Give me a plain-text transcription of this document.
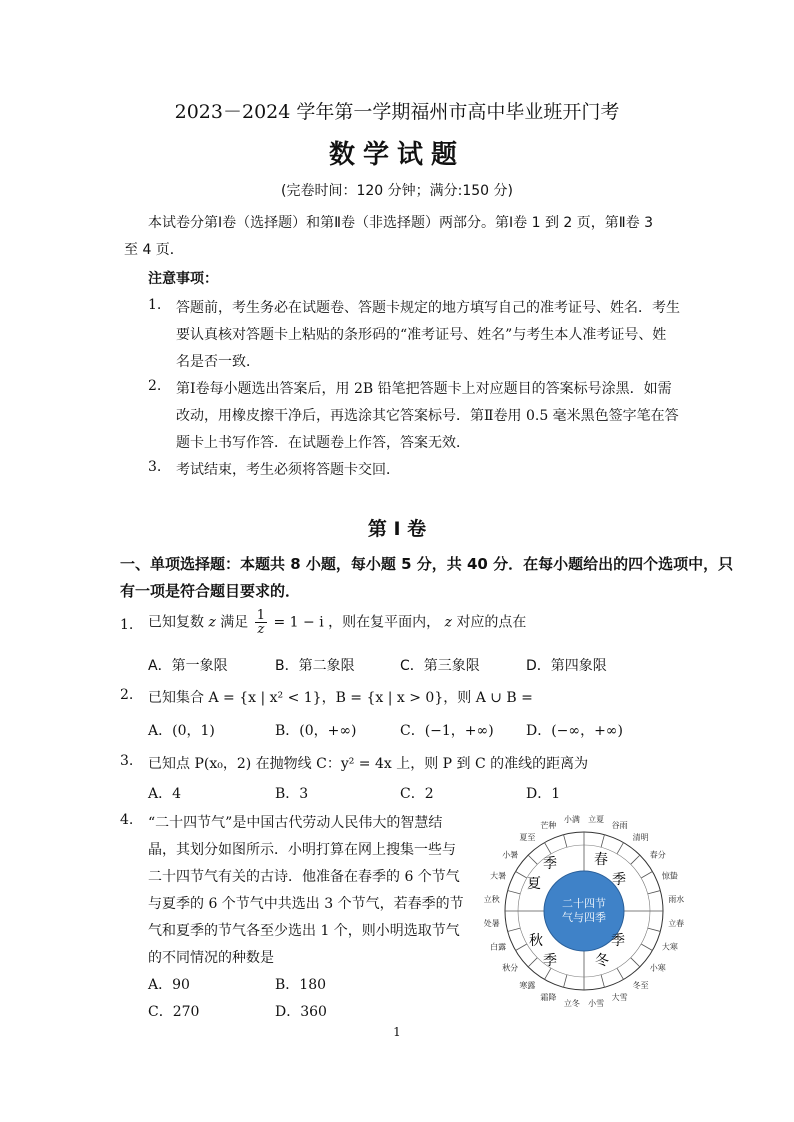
2023－2024 学年第一学期福州市高中毕业班开门考
数学试题
(完卷时间：120 分钟；满分:150 分)
本试卷分第Ⅰ卷（选择题）和第Ⅱ卷（非选择题）两部分。第Ⅰ卷 1 到 2 页，第Ⅱ卷 3
至 4 页．
注意事项：
1. 答题前，考生务必在试题卷、答题卡规定的地方填写自己的准考证号、姓名．考生
要认真核对答题卡上粘贴的条形码的“准考证号、姓名”与考生本人准考证号、姓
名是否一致．
2. 第Ⅰ卷每小题选出答案后，用 2B 铅笔把答题卡上对应题目的答案标号涂黑．如需
改动，用橡皮擦干净后，再选涂其它答案标号．第Ⅱ卷用 0.5 毫米黑色签字笔在答
题卡上书写作答．在试题卷上作答，答案无效．
3. 考试结束，考生必须将答题卡交回．
第 Ⅰ 卷
一、单项选择题：本题共 8 小题，每小题 5 分，共 40 分．在每小题给出的四个选项中，只
有一项是符合题目要求的．
1. 已知复数 z 满足 $\frac{1}{z} = 1 - i$ ，则在复平面内， z 对应的点在
A．第一象限	B．第二象限	C．第三象限	D．第四象限
2. 已知集合 A = {x | x² < 1}，B = {x | x > 0}，则 A ∪ B =
A．(0，1)	B．(0，+∞)	C．(−1，+∞) D．(−∞，+∞)
3. 已知点 P(x₀，2) 在抛物线 C：y² = 4x 上，则 P 到 C 的准线的距离为
A．4	B．3	C．2	D．1
4. “二十四节气”是中国古代劳动人民伟大的智慧结
晶，其划分如图所示．小明打算在网上搜集一些与
二十四节气有关的古诗．他准备在春季的 6 个节气
与夏季的 6 个节气中共选出 3 个节气，若春季的节
气和夏季的节气各至少选出 1 个，则小明选取节气
的不同情况的种数是
A．90	B．180
C．270	D．360
二十四节
气与四季
春
季
季
夏
秋
季
季
冬
立春
雨水
惊蛰
春分
清明
谷雨
立夏
小满
芒种
夏至
小暑
大暑
立秋
处暑
白露
秋分
寒露
霜降
立冬 小雪
大雪
冬至
小寒
大寒
1
